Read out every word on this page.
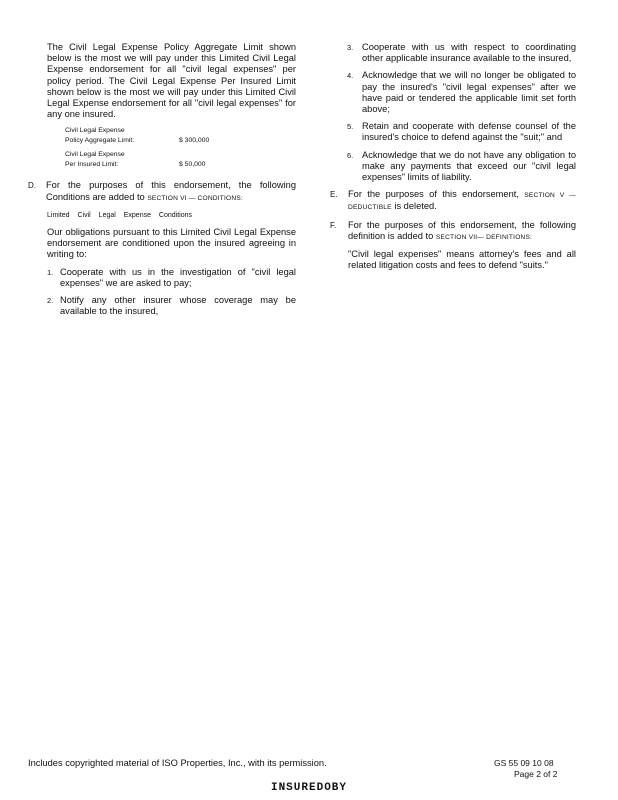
The Civil Legal Expense Policy Aggregate Limit shown below is the most we will pay under this Limited Civil Legal Expense endorsement for all "civil legal expenses" per policy period. The Civil Legal Expense Per Insured Limit shown below is the most we will pay under this Limited Civil Legal Expense endorsement for all "civil legal expenses" for any one insured.

Civil Legal Expense Policy Aggregate Limit:	$ 300,000
Civil Legal Expense Per Insured Limit:	$ 50,000
D. For the purposes of this endorsement, the following Conditions are added to SECTION VI — CONDITIONS:
Limited Civil Legal Expense Conditions

Our obligations pursuant to this Limited Civil Legal Expense endorsement are conditioned upon the insured agreeing in writing to:

1. Cooperate with us in the investigation of "civil legal expenses" we are asked to pay;
2. Notify any other insurer whose coverage may be available to the insured,
3. Cooperate with us with respect to coordinating other applicable insurance available to the insured,
4. Acknowledge that we will no longer be obligated to pay the insured's "civil legal expenses" after we have paid or tendered the applicable limit set forth above;
5. Retain and cooperate with defense counsel of the insured's choice to defend against the "suit;" and
6. Acknowledge that we do not have any obligation to make any payments that exceed our "civil legal expenses" limits of liability.
E. For the purposes of this endorsement, SECTION V — DEDUCTIBLE is deleted.
F. For the purposes of this endorsement, the following definition is added to SECTION VII— DEFINITIONS:

"Civil legal expenses" means attorney's fees and all related litigation costs and fees to defend "suits."

Includes copyrighted material of ISO Properties, Inc., with its permission.	GS 55 09 10 08
Page 2 of 2
INSUREDOBY
